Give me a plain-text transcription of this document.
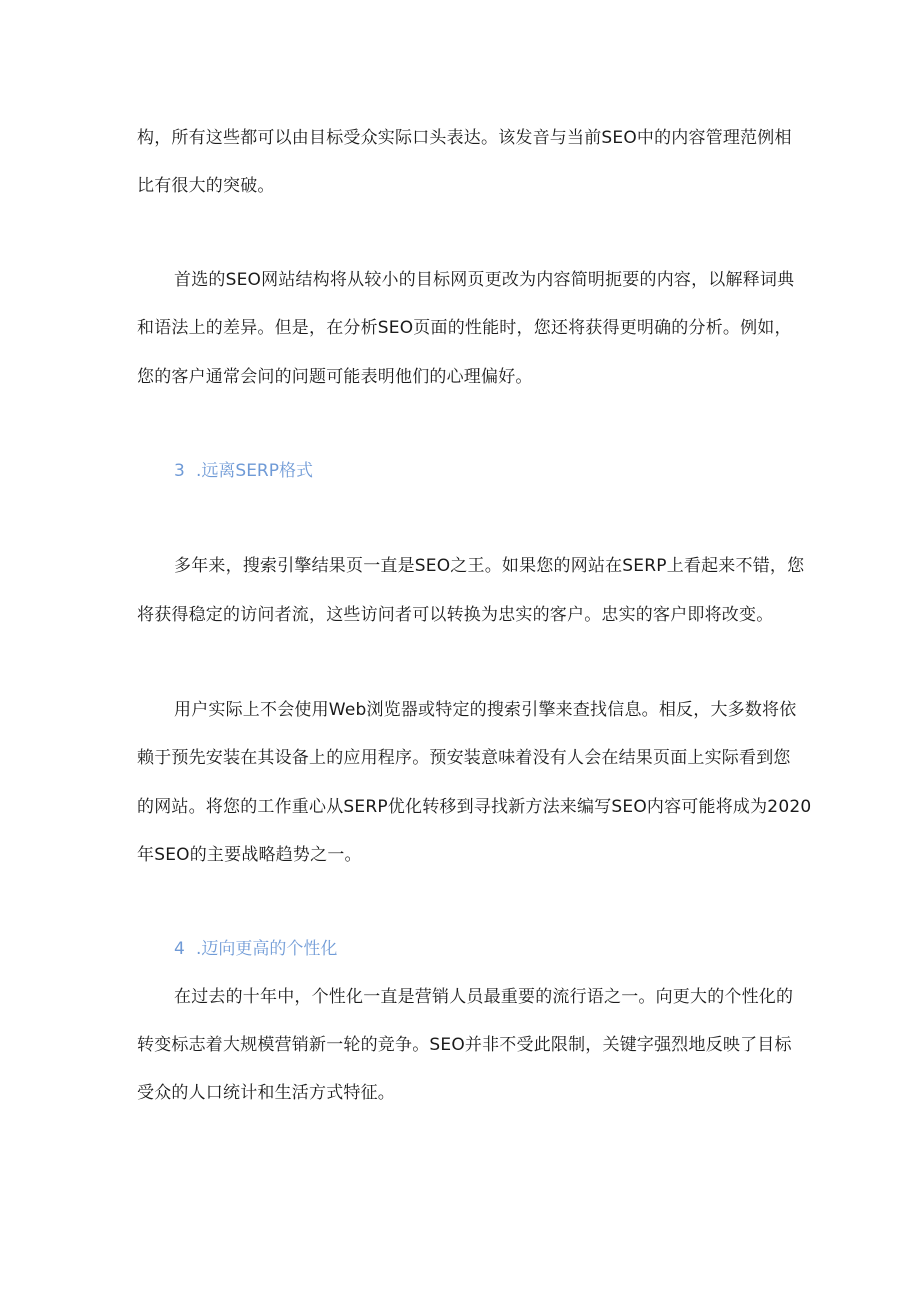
构，所有这些都可以由目标受众实际口头表达。该发音与当前SEO中的内容管理范例相
比有很大的突破。
首选的SEO网站结构将从较小的目标网页更改为内容简明扼要的内容，以解释词典
和语法上的差异。但是，在分析SEO页面的性能时，您还将获得更明确的分析。例如，
您的客户通常会问的问题可能表明他们的心理偏好。
3 .远离SERP格式
多年来，搜索引擎结果页一直是SEO之王。如果您的网站在SERP上看起来不错，您
将获得稳定的访问者流，这些访问者可以转换为忠实的客户。忠实的客户即将改变。
用户实际上不会使用Web浏览器或特定的搜索引擎来查找信息。相反，大多数将依
赖于预先安装在其设备上的应用程序。预安装意味着没有人会在结果页面上实际看到您
的网站。将您的工作重心从SERP优化转移到寻找新方法来编写SEO内容可能将成为2020
年SEO的主要战略趋势之一。
4 .迈向更高的个性化
在过去的十年中，个性化一直是营销人员最重要的流行语之一。向更大的个性化的
转变标志着大规模营销新一轮的竞争。SEO并非不受此限制，关键字强烈地反映了目标
受众的人口统计和生活方式特征。
